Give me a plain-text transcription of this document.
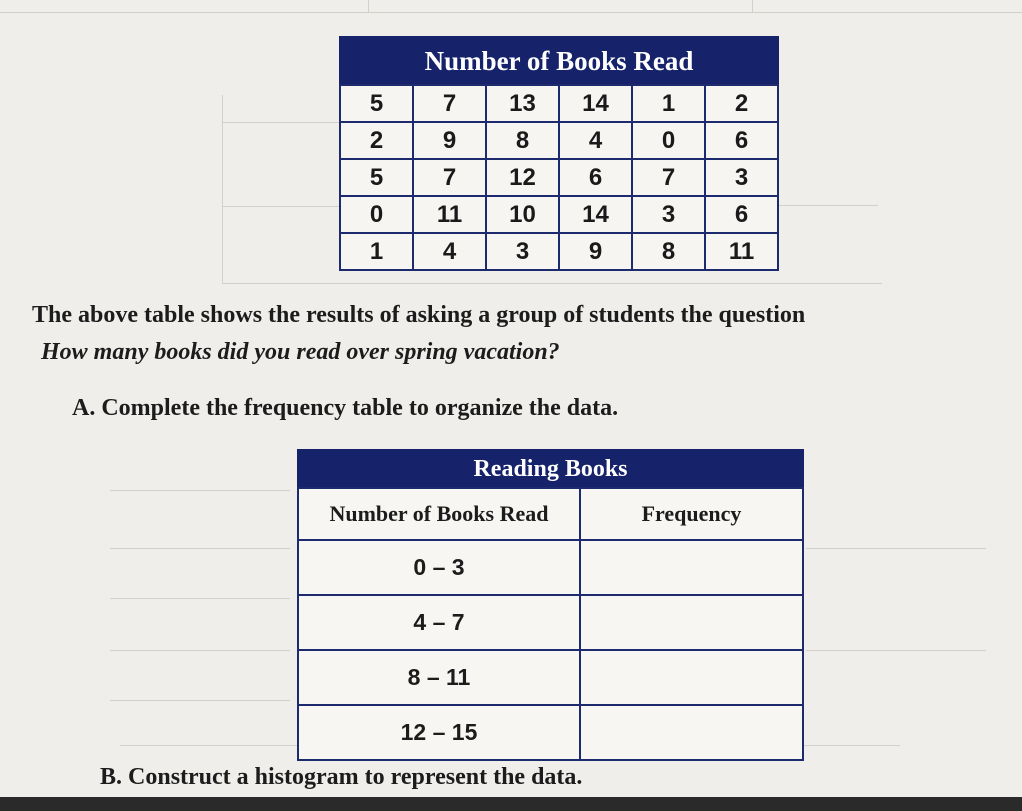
Number of Books Read
5	7	13	14	1	2
2	9	8	4	0	6
5	7	12	6	7	3
0	11	10	14	3	6
1	4	3	9	8	11
The above table shows the results of asking a group of students the question
How many books did you read over spring vacation?
A. Complete the frequency table to organize the data.
Reading Books
Number of Books Read	Frequency
0 – 3	
4 – 7	
8 – 11	
12 – 15	
B. Construct a histogram to represent the data.
